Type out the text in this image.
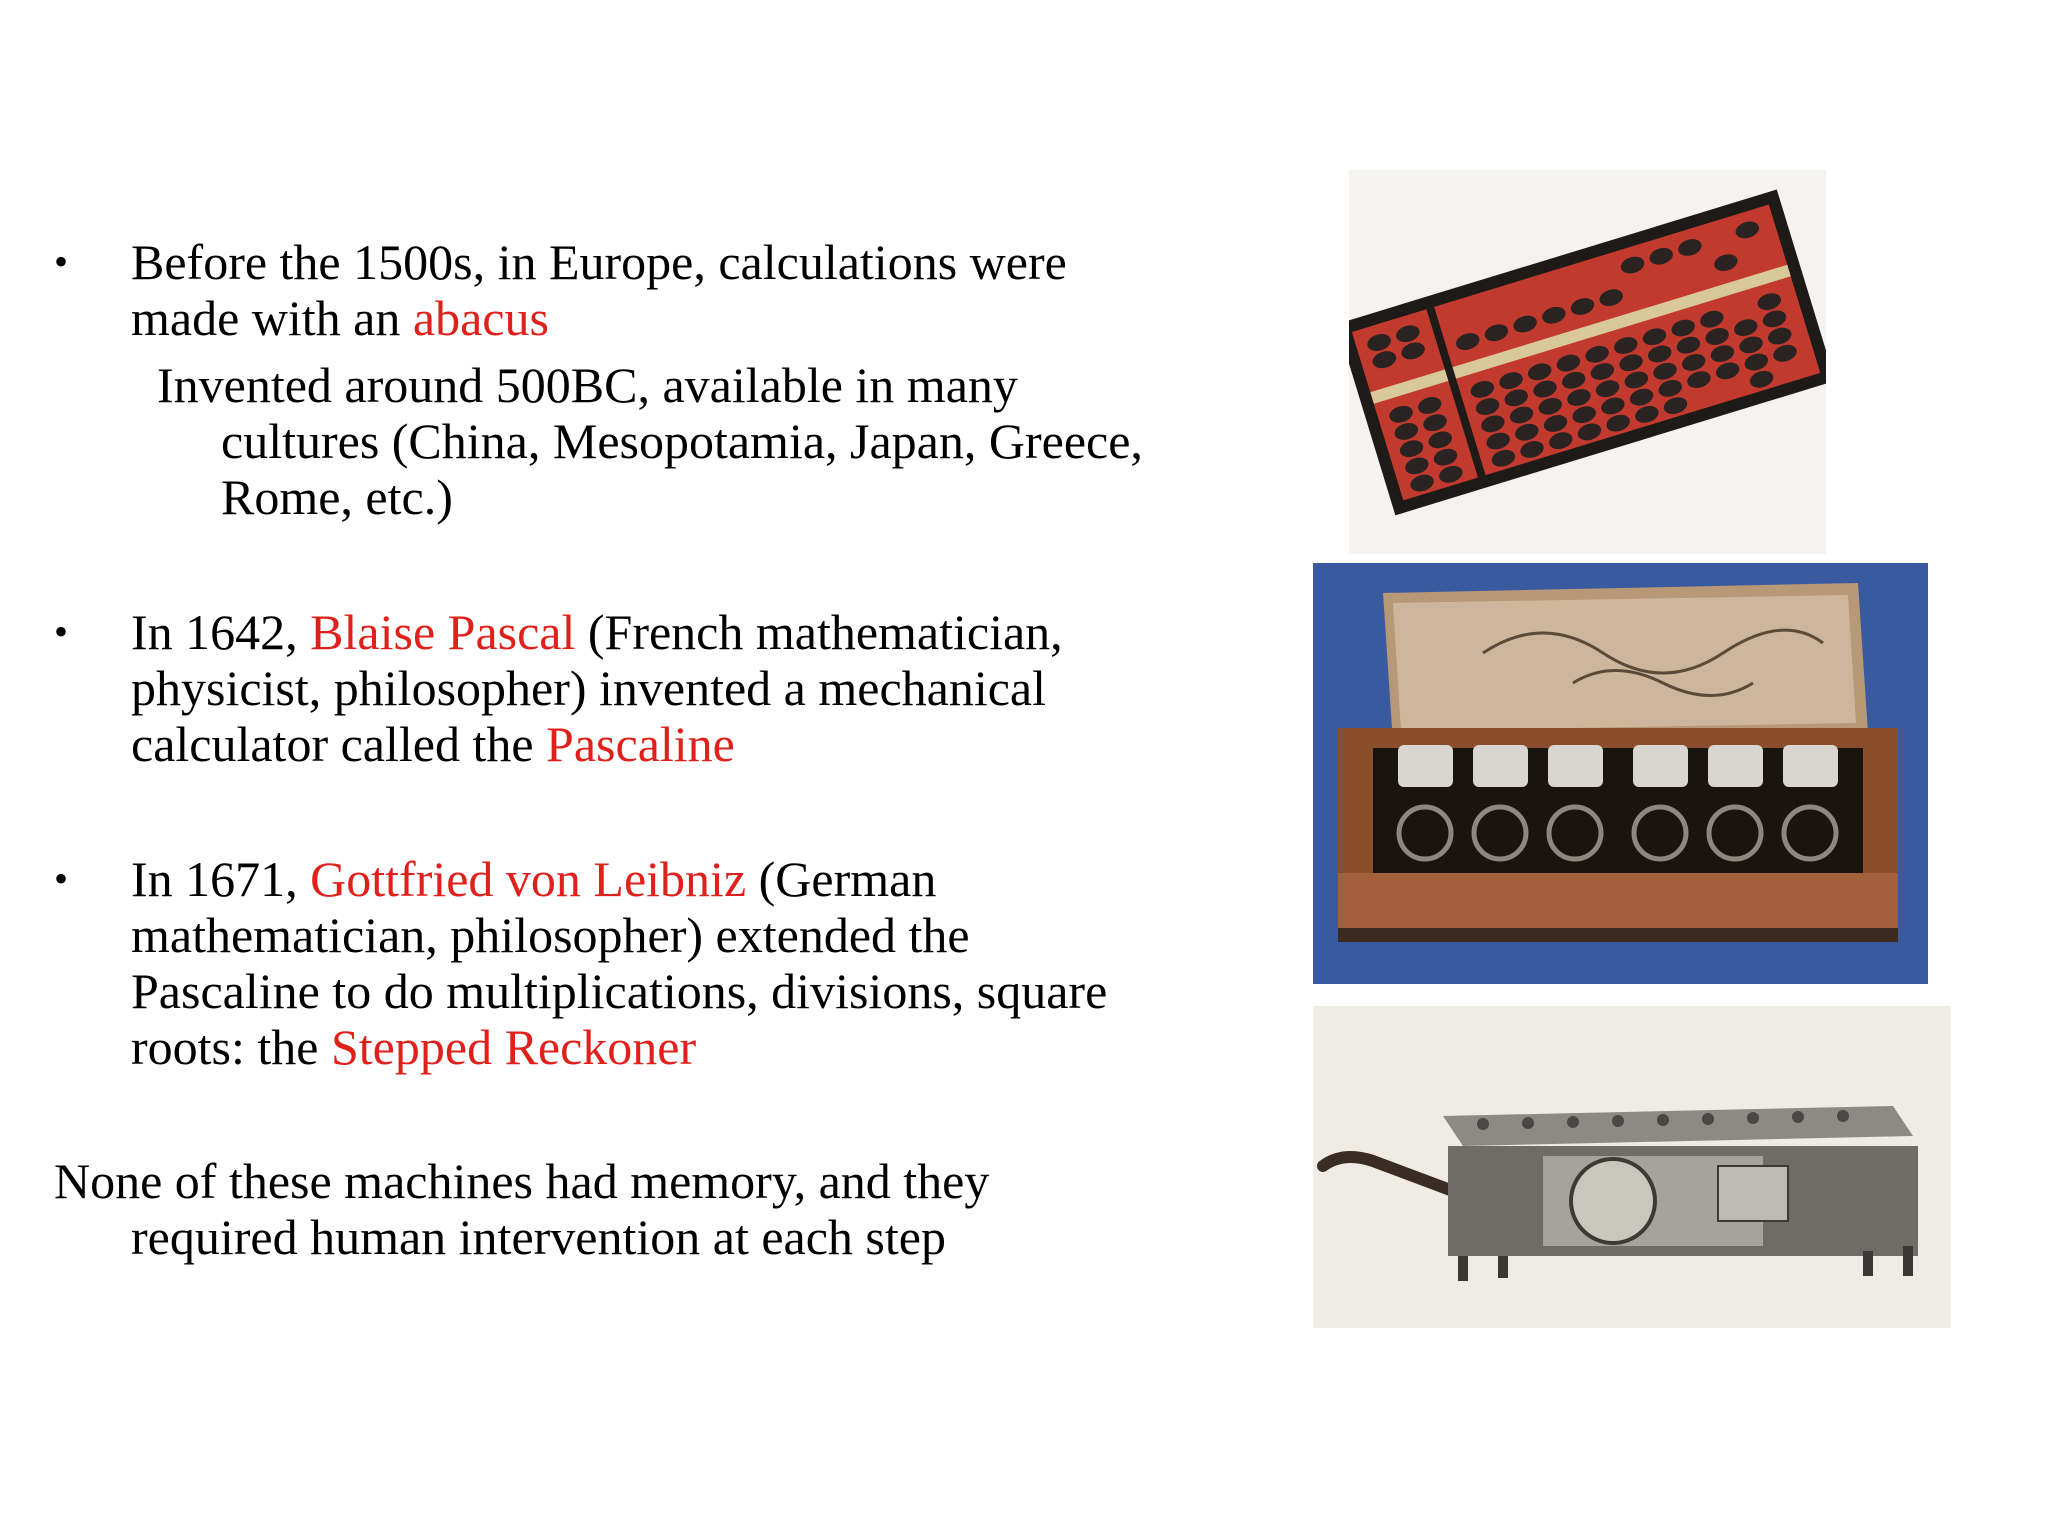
• Before the 1500s, in Europe, calculations were
made with an abacus
Invented around 500BC, available in many
cultures (China, Mesopotamia, Japan, Greece,
Rome, etc.)
• In 1642, Blaise Pascal (French mathematician,
physicist, philosopher) invented a mechanical
calculator called the Pascaline
• In 1671, Gottfried von Leibniz (German
mathematician, philosopher) extended the
Pascaline to do multiplications, divisions, square
roots: the Stepped Reckoner
None of these machines had memory, and they
required human intervention at each step
